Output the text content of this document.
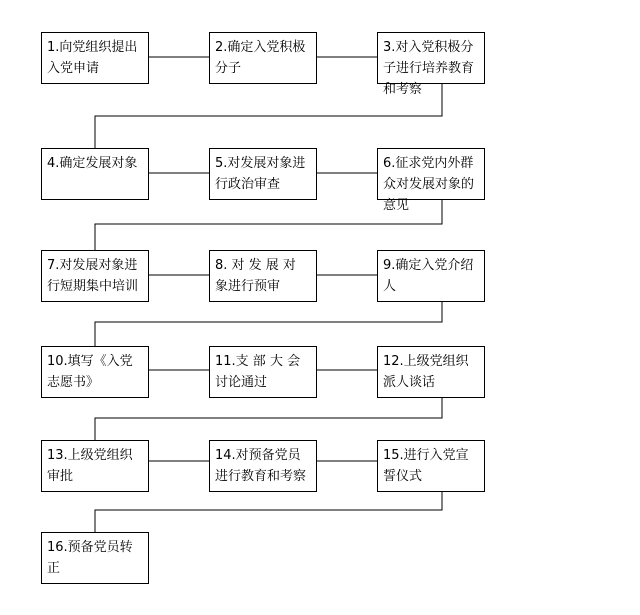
1.向党组织提出入党申请
2.确定入党积极分子
3.对入党积极分子进行培养教育和考察
4.确定发展对象	5.对发展对象进行政治审查
6.征求党内外群众对发展对象的意见
7.对发展对象进行短期集中培训
8. 对 发 展 对 象进行预审
9.确定入党介绍人
10.填写《入党志愿书》
11.支 部 大 会 讨论通过
12.上级党组织派人谈话
13.上级党组织审批
14.对预备党员进行教育和考察
15.进行入党宣誓仪式
16.预备党员转正
